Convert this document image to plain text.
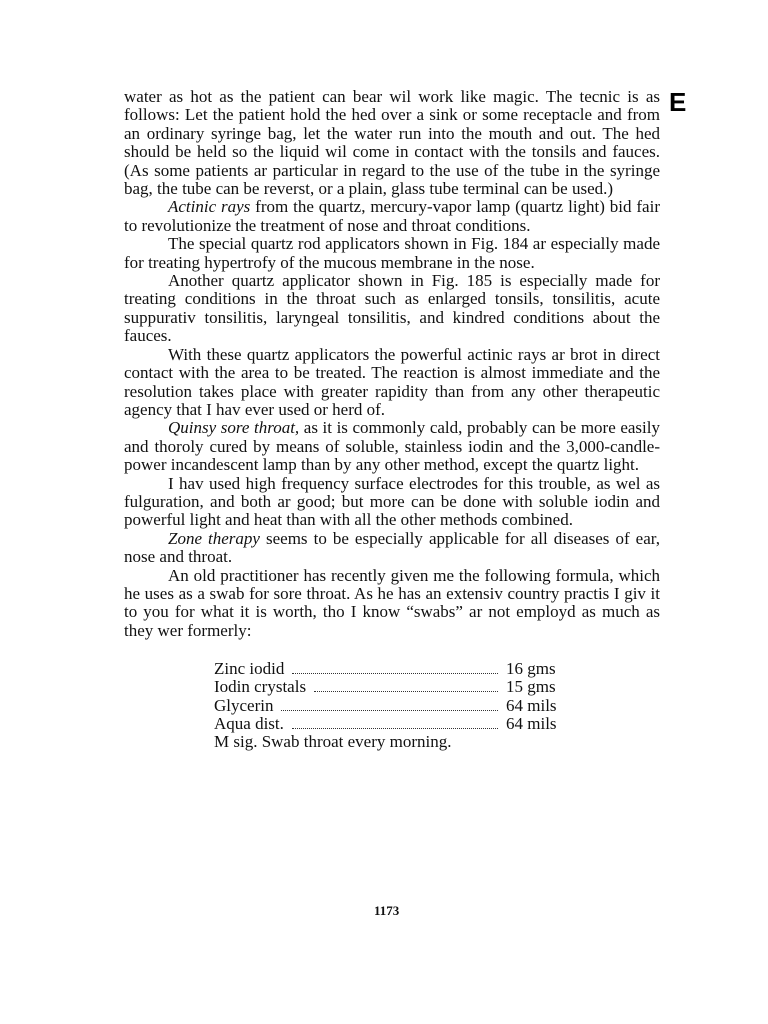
E

water as hot as the patient can bear wil work like magic. The tecnic is as follows: Let the patient hold the hed over a sink or some receptacle and from an ordinary syringe bag, let the water run into the mouth and out. The hed should be held so the liquid wil come in contact with the tonsils and fauces. (As some patients ar particular in regard to the use of the tube in the syringe bag, the tube can be reverst, or a plain, glass tube terminal can be used.)

Actinic rays from the quartz, mercury-vapor lamp (quartz light) bid fair to revolutionize the treatment of nose and throat conditions.

The special quartz rod applicators shown in Fig. 184 ar especially made for treating hypertrofy of the mucous membrane in the nose.

Another quartz applicator shown in Fig. 185 is especially made for treating conditions in the throat such as enlarged tonsils, tonsilitis, acute suppurativ tonsilitis, laryngeal tonsilitis, and kindred conditions about the fauces.

With these quartz applicators the powerful actinic rays ar brot in direct contact with the area to be treated. The reaction is almost immediate and the resolution takes place with greater rapidity than from any other therapeutic agency that I hav ever used or herd of.

Quinsy sore throat, as it is commonly cald, probably can be more easily and thoroly cured by means of soluble, stainless iodin and the 3,000-candle-power incandescent lamp than by any other method, except the quartz light.

I hav used high frequency surface electrodes for this trouble, as wel as fulguration, and both ar good; but more can be done with soluble iodin and powerful light and heat than with all the other methods combined.

Zone therapy seems to be especially applicable for all diseases of ear, nose and throat.

An old practitioner has recently given me the following formula, which he uses as a swab for sore throat. As he has an extensiv country practis I giv it to you for what it is worth, tho I know “swabs” ar not employd as much as they wer formerly:

Zinc iodid	16 gms
Iodin crystals	15 gms
Glycerin	64 mils
Aqua dist.	64 mils
M sig. Swab throat every morning.
1173
